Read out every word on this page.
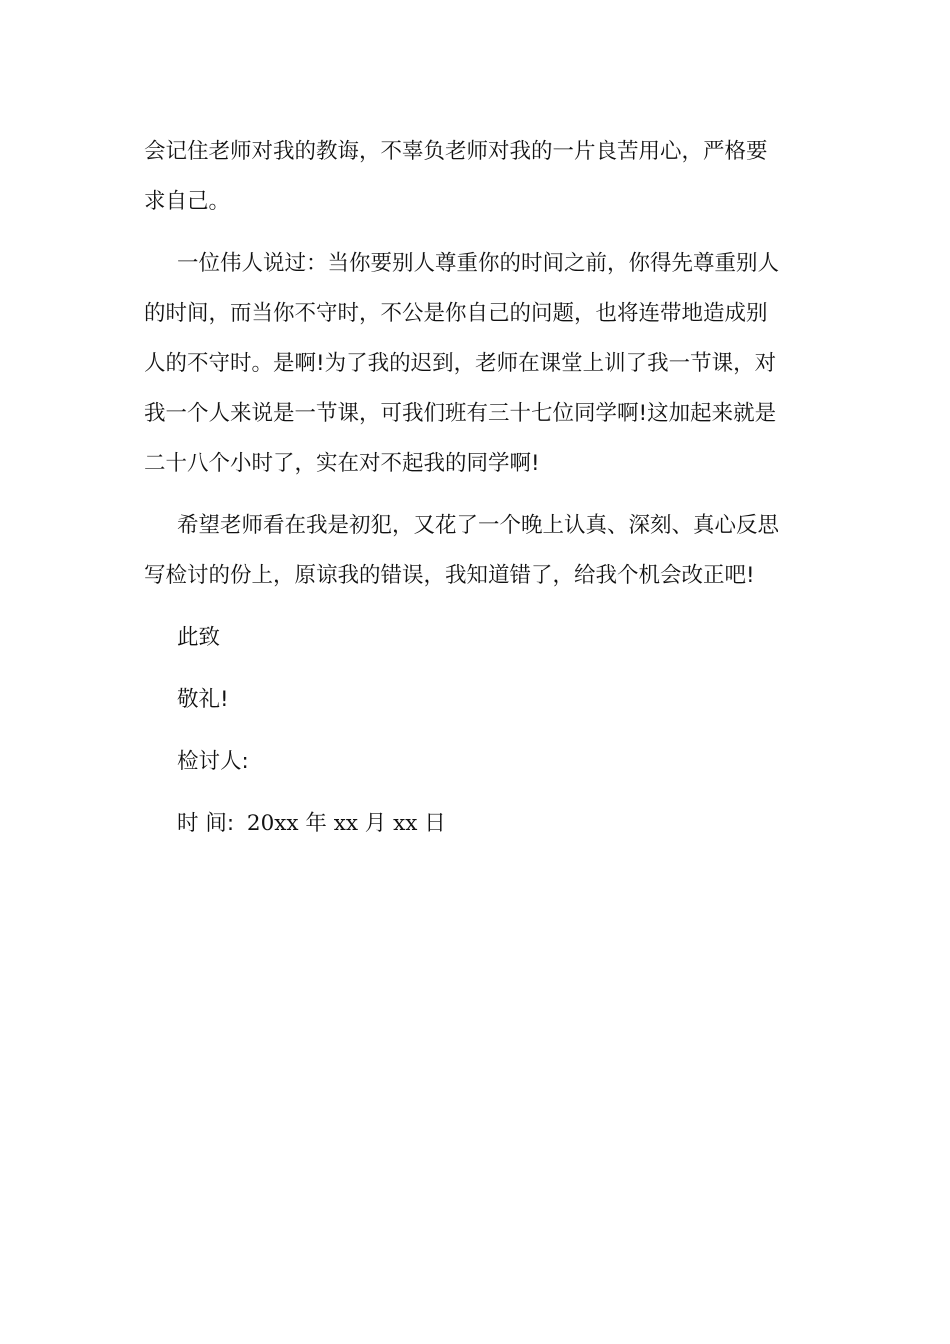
会记住老师对我的教诲，不辜负老师对我的一片良苦用心，严格要
求自己。
一位伟人说过：当你要别人尊重你的时间之前，你得先尊重别人
的时间，而当你不守时，不公是你自己的问题，也将连带地造成别
人的不守时。是啊!为了我的迟到，老师在课堂上训了我一节课，对
我一个人来说是一节课，可我们班有三十七位同学啊!这加起来就是
二十八个小时了，实在对不起我的同学啊!
希望老师看在我是初犯，又花了一个晚上认真、深刻、真心反思
写检讨的份上，原谅我的错误，我知道错了，给我个机会改正吧!
此致
敬礼!
检讨人:
时 间: 20xx 年 xx 月 xx 日
